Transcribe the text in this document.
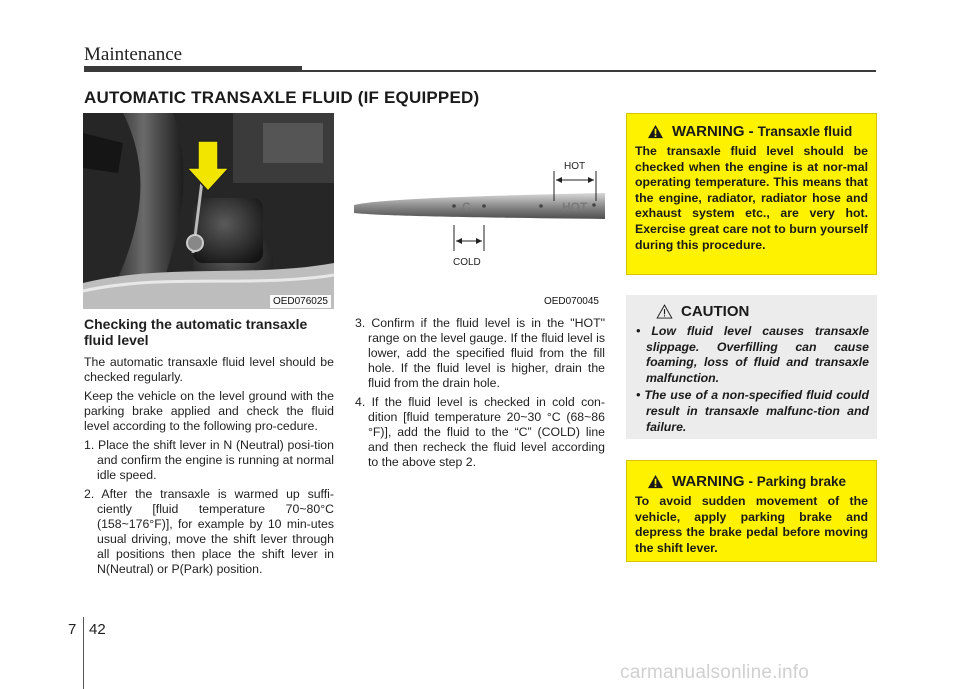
Maintenance
AUTOMATIC TRANSAXLE FLUID (IF EQUIPPED)
OED076025
C	HOT
HOT
COLD
OED070045
Checking the automatic transaxle fluid level

The automatic transaxle fluid level should be checked regularly.

Keep the vehicle on the level ground with the parking brake applied and check the fluid level according to the following pro-cedure.

1. Place the shift lever in N (Neutral) posi-tion and confirm the engine is running at normal idle speed.
2. After the transaxle is warmed up suffi-ciently [fluid temperature 70~80°C (158~176°F)], for example by 10 min-utes usual driving, move the shift lever through all positions then place the shift lever in N(Neutral) or P(Park) position.
3. Confirm if the fluid level is in the "HOT" range on the level gauge. If the fluid level is lower, add the specified fluid from the fill hole. If the fluid level is higher, drain the fluid from the drain hole.
4. If the fluid level is checked in cold con-dition [fluid temperature 20~30 °C (68~86 °F)], add the fluid to the “C” (COLD) line and then recheck the fluid level according to the above step 2.
WARNING - Transaxle fluid
The transaxle fluid level should be checked when the engine is at nor-mal operating temperature. This means that the engine, radiator, radiator hose and exhaust system etc., are very hot. Exercise great care not to burn yourself during this procedure.
CAUTION
• Low fluid level causes transaxle slippage. Overfilling can cause foaming, loss of fluid and transaxle malfunction.
• The use of a non-specified fluid could result in transaxle malfunc-tion and failure.
WARNING - Parking brake
To avoid sudden movement of the vehicle, apply parking brake and depress the brake pedal before moving the shift lever.
7 42
carmanualsonline.info
